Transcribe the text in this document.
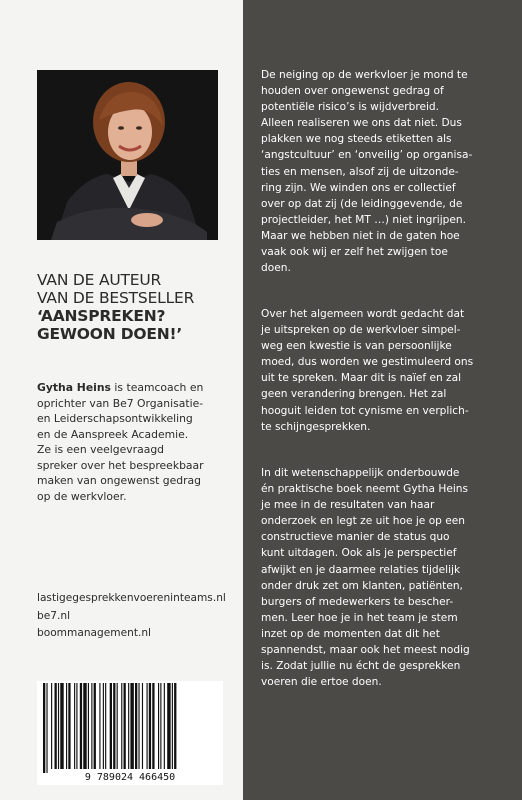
VAN DE AUTEUR
VAN DE BESTSELLER
‘AANSPREKEN?
GEWOON DOEN!’
Gytha Heins is teamcoach en
oprichter van Be7 Organisatie-
en Leiderschapsontwikkeling
en de Aanspreek Academie.
Ze is een veelgevraagd
spreker over het bespreekbaar
maken van ongewenst gedrag
op de werkvloer.
lastigegesprekkenvoereninteams.nl
be7.nl
boommanagement.nl
9 789024 466450
De neiging op de werkvloer je mond te
houden over ongewenst gedrag of
potentiële risico’s is wijdverbreid.
Alleen realiseren we ons dat niet. Dus
plakken we nog steeds etiketten als
‘angstcultuur’ en ‘onveilig’ op organisa-
ties en mensen, alsof zij de uitzonde-
ring zijn. We winden ons er collectief
over op dat zij (de leidinggevende, de
projectleider, het MT …) niet ingrijpen.
Maar we hebben niet in de gaten hoe
vaak ook wij er zelf het zwijgen toe
doen.
Over het algemeen wordt gedacht dat
je uitspreken op de werkvloer simpel-
weg een kwestie is van persoonlijke
moed, dus worden we gestimuleerd ons
uit te spreken. Maar dit is naïef en zal
geen verandering brengen. Het zal
hooguit leiden tot cynisme en verplich-
te schijngesprekken.
In dit wetenschappelijk onderbouwde
én praktische boek neemt Gytha Heins
je mee in de resultaten van haar
onderzoek en legt ze uit hoe je op een
constructieve manier de status quo
kunt uitdagen. Ook als je perspectief
afwijkt en je daarmee relaties tijdelijk
onder druk zet om klanten, patiënten,
burgers of medewerkers te bescher-
men. Leer hoe je in het team je stem
inzet op de momenten dat dit het
spannendst, maar ook het meest nodig
is. Zodat jullie nu écht de gesprekken
voeren die ertoe doen.
